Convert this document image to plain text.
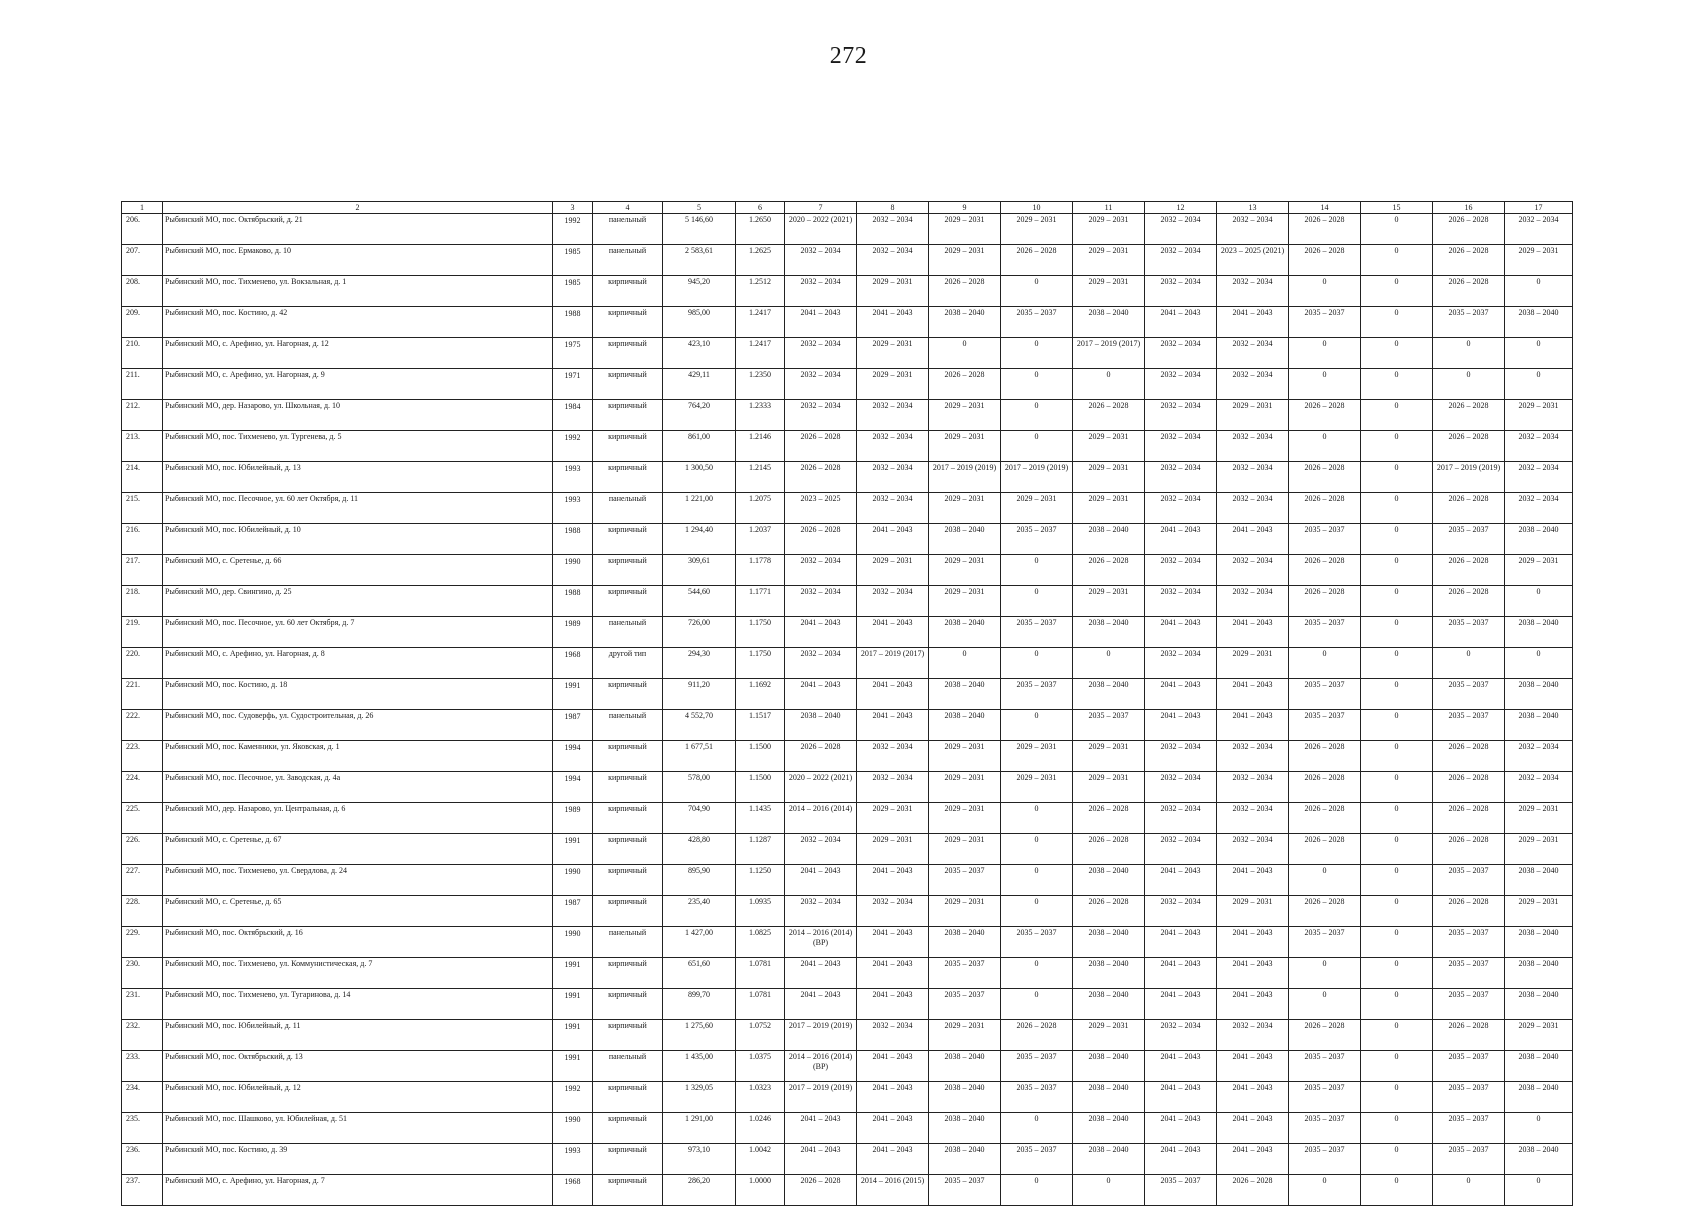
272
1	2	3	4	5	6	7	8	9	10	11	12	13	14	15	16	17
206.	Рыбинский МО, пос. Октябрьский, д. 21	1992	панельный	5 146,60	1.2650	2020 – 2022 (2021)	2032 – 2034	2029 – 2031	2029 – 2031	2029 – 2031	2032 – 2034	2032 – 2034	2026 – 2028	0	2026 – 2028	2032 – 2034
207.	Рыбинский МО, пос. Ермаково, д. 10	1985	панельный	2 583,61	1.2625	2032 – 2034	2032 – 2034	2029 – 2031	2026 – 2028	2029 – 2031	2032 – 2034	2023 – 2025 (2021)	2026 – 2028	0	2026 – 2028	2029 – 2031
208.	Рыбинский МО, пос. Тихменево, ул. Вокзальная, д. 1	1985	кирпичный	945,20	1.2512	2032 – 2034	2029 – 2031	2026 – 2028	0	2029 – 2031	2032 – 2034	2032 – 2034	0	0	2026 – 2028	0
209.	Рыбинский МО, пос. Костино, д. 42	1988	кирпичный	985,00	1.2417	2041 – 2043	2041 – 2043	2038 – 2040	2035 – 2037	2038 – 2040	2041 – 2043	2041 – 2043	2035 – 2037	0	2035 – 2037	2038 – 2040
210.	Рыбинский МО, с. Арефино, ул. Нагорная, д. 12	1975	кирпичный	423,10	1.2417	2032 – 2034	2029 – 2031	0	0	2017 – 2019 (2017)	2032 – 2034	2032 – 2034	0	0	0	0
211.	Рыбинский МО, с. Арефино, ул. Нагорная, д. 9	1971	кирпичный	429,11	1.2350	2032 – 2034	2029 – 2031	2026 – 2028	0	0	2032 – 2034	2032 – 2034	0	0	0	0
212.	Рыбинский МО, дер. Назарово, ул. Школьная, д. 10	1984	кирпичный	764,20	1.2333	2032 – 2034	2032 – 2034	2029 – 2031	0	2026 – 2028	2032 – 2034	2029 – 2031	2026 – 2028	0	2026 – 2028	2029 – 2031
213.	Рыбинский МО, пос. Тихменево, ул. Тургенева, д. 5	1992	кирпичный	861,00	1.2146	2026 – 2028	2032 – 2034	2029 – 2031	0	2029 – 2031	2032 – 2034	2032 – 2034	0	0	2026 – 2028	2032 – 2034
214.	Рыбинский МО, пос. Юбилейный, д. 13	1993	кирпичный	1 300,50	1.2145	2026 – 2028	2032 – 2034	2017 – 2019 (2019)	2017 – 2019 (2019)	2029 – 2031	2032 – 2034	2032 – 2034	2026 – 2028	0	2017 – 2019 (2019)	2032 – 2034
215.	Рыбинский МО, пос. Песочное, ул. 60 лет Октября, д. 11	1993	панельный	1 221,00	1.2075	2023 – 2025	2032 – 2034	2029 – 2031	2029 – 2031	2029 – 2031	2032 – 2034	2032 – 2034	2026 – 2028	0	2026 – 2028	2032 – 2034
216.	Рыбинский МО, пос. Юбилейный, д. 10	1988	кирпичный	1 294,40	1.2037	2026 – 2028	2041 – 2043	2038 – 2040	2035 – 2037	2038 – 2040	2041 – 2043	2041 – 2043	2035 – 2037	0	2035 – 2037	2038 – 2040
217.	Рыбинский МО, с. Сретенье, д. 66	1990	кирпичный	309,61	1.1778	2032 – 2034	2029 – 2031	2029 – 2031	0	2026 – 2028	2032 – 2034	2032 – 2034	2026 – 2028	0	2026 – 2028	2029 – 2031
218.	Рыбинский МО, дер. Свингино, д. 25	1988	кирпичный	544,60	1.1771	2032 – 2034	2032 – 2034	2029 – 2031	0	2029 – 2031	2032 – 2034	2032 – 2034	2026 – 2028	0	2026 – 2028	0
219.	Рыбинский МО, пос. Песочное, ул. 60 лет Октября, д. 7	1989	панельный	726,00	1.1750	2041 – 2043	2041 – 2043	2038 – 2040	2035 – 2037	2038 – 2040	2041 – 2043	2041 – 2043	2035 – 2037	0	2035 – 2037	2038 – 2040
220.	Рыбинский МО, с. Арефино, ул. Нагорная, д. 8	1968	другой тип	294,30	1.1750	2032 – 2034	2017 – 2019 (2017)	0	0	0	2032 – 2034	2029 – 2031	0	0	0	0
221.	Рыбинский МО, пос. Костино, д. 18	1991	кирпичный	911,20	1.1692	2041 – 2043	2041 – 2043	2038 – 2040	2035 – 2037	2038 – 2040	2041 – 2043	2041 – 2043	2035 – 2037	0	2035 – 2037	2038 – 2040
222.	Рыбинский МО, пос. Судоверфь, ул. Судостроительная, д. 26	1987	панельный	4 552,70	1.1517	2038 – 2040	2041 – 2043	2038 – 2040	0	2035 – 2037	2041 – 2043	2041 – 2043	2035 – 2037	0	2035 – 2037	2038 – 2040
223.	Рыбинский МО, пос. Каменники, ул. Яковская, д. 1	1994	кирпичный	1 677,51	1.1500	2026 – 2028	2032 – 2034	2029 – 2031	2029 – 2031	2029 – 2031	2032 – 2034	2032 – 2034	2026 – 2028	0	2026 – 2028	2032 – 2034
224.	Рыбинский МО, пос. Песочное, ул. Заводская, д. 4а	1994	кирпичный	578,00	1.1500	2020 – 2022 (2021)	2032 – 2034	2029 – 2031	2029 – 2031	2029 – 2031	2032 – 2034	2032 – 2034	2026 – 2028	0	2026 – 2028	2032 – 2034
225.	Рыбинский МО, дер. Назарово, ул. Центральная, д. 6	1989	кирпичный	704,90	1.1435	2014 – 2016 (2014)	2029 – 2031	2029 – 2031	0	2026 – 2028	2032 – 2034	2032 – 2034	2026 – 2028	0	2026 – 2028	2029 – 2031
226.	Рыбинский МО, с. Сретенье, д. 67	1991	кирпичный	428,80	1.1287	2032 – 2034	2029 – 2031	2029 – 2031	0	2026 – 2028	2032 – 2034	2032 – 2034	2026 – 2028	0	2026 – 2028	2029 – 2031
227.	Рыбинский МО, пос. Тихменево, ул. Свердлова, д. 24	1990	кирпичный	895,90	1.1250	2041 – 2043	2041 – 2043	2035 – 2037	0	2038 – 2040	2041 – 2043	2041 – 2043	0	0	2035 – 2037	2038 – 2040
228.	Рыбинский МО, с. Сретенье, д. 65	1987	кирпичный	235,40	1.0935	2032 – 2034	2032 – 2034	2029 – 2031	0	2026 – 2028	2032 – 2034	2029 – 2031	2026 – 2028	0	2026 – 2028	2029 – 2031
229.	Рыбинский МО, пос. Октябрьский, д. 16	1990	панельный	1 427,00	1.0825	2014 – 2016 (2014) (ВР)	2041 – 2043	2038 – 2040	2035 – 2037	2038 – 2040	2041 – 2043	2041 – 2043	2035 – 2037	0	2035 – 2037	2038 – 2040
230.	Рыбинский МО, пос. Тихменево, ул. Коммунистическая, д. 7	1991	кирпичный	651,60	1.0781	2041 – 2043	2041 – 2043	2035 – 2037	0	2038 – 2040	2041 – 2043	2041 – 2043	0	0	2035 – 2037	2038 – 2040
231.	Рыбинский МО, пос. Тихменево, ул. Тугаринова, д. 14	1991	кирпичный	899,70	1.0781	2041 – 2043	2041 – 2043	2035 – 2037	0	2038 – 2040	2041 – 2043	2041 – 2043	0	0	2035 – 2037	2038 – 2040
232.	Рыбинский МО, пос. Юбилейный, д. 11	1991	кирпичный	1 275,60	1.0752	2017 – 2019 (2019)	2032 – 2034	2029 – 2031	2026 – 2028	2029 – 2031	2032 – 2034	2032 – 2034	2026 – 2028	0	2026 – 2028	2029 – 2031
233.	Рыбинский МО, пос. Октябрьский, д. 13	1991	панельный	1 435,00	1.0375	2014 – 2016 (2014) (ВР)	2041 – 2043	2038 – 2040	2035 – 2037	2038 – 2040	2041 – 2043	2041 – 2043	2035 – 2037	0	2035 – 2037	2038 – 2040
234.	Рыбинский МО, пос. Юбилейный, д. 12	1992	кирпичный	1 329,05	1.0323	2017 – 2019 (2019)	2041 – 2043	2038 – 2040	2035 – 2037	2038 – 2040	2041 – 2043	2041 – 2043	2035 – 2037	0	2035 – 2037	2038 – 2040
235.	Рыбинский МО, пос. Шашково, ул. Юбилейная, д. 51	1990	кирпичный	1 291,00	1.0246	2041 – 2043	2041 – 2043	2038 – 2040	0	2038 – 2040	2041 – 2043	2041 – 2043	2035 – 2037	0	2035 – 2037	0
236.	Рыбинский МО, пос. Костино, д. 39	1993	кирпичный	973,10	1.0042	2041 – 2043	2041 – 2043	2038 – 2040	2035 – 2037	2038 – 2040	2041 – 2043	2041 – 2043	2035 – 2037	0	2035 – 2037	2038 – 2040
237.	Рыбинский МО, с. Арефино, ул. Нагорная, д. 7	1968	кирпичный	286,20	1.0000	2026 – 2028	2014 – 2016 (2015)	2035 – 2037	0	0	2035 – 2037	2026 – 2028	0	0	0	0
